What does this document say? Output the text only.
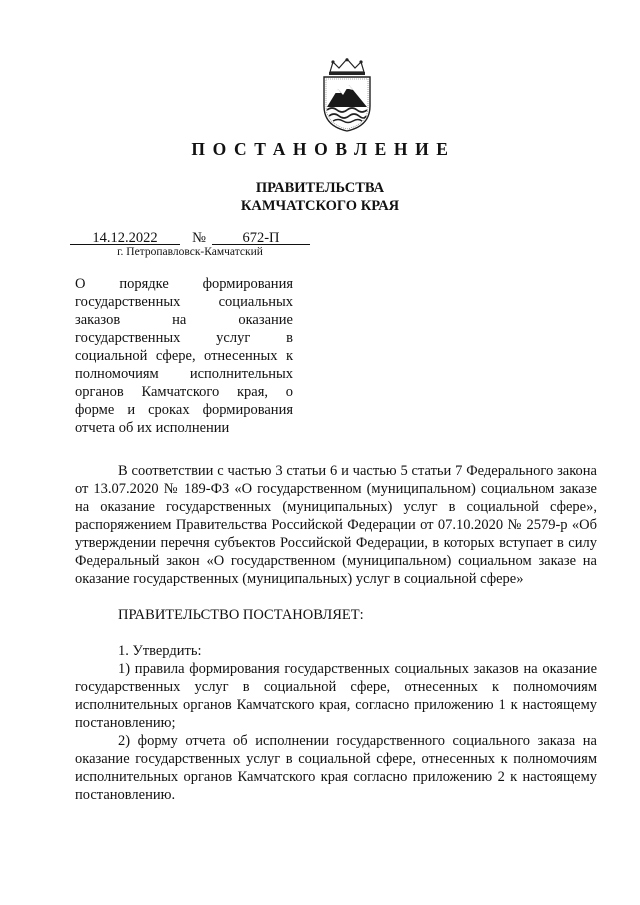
ПОСТАНОВЛЕНИЕ
ПРАВИТЕЛЬСТВА
КАМЧАТСКОГО КРАЯ
14.12.2022	№	672-П
г. Петропавловск-Камчатский
О порядке формирования государственных социальных заказов на оказание государственных услуг в социальной сфере, отнесенных к полномочиям исполнительных органов Камчатского края, о форме и сроках формирования отчета об их исполнении

В соответствии с частью 3 статьи 6 и частью 5 статьи 7 Федерального закона от 13.07.2020 № 189-ФЗ «О государственном (муниципальном) социальном заказе на оказание государственных (муниципальных) услуг в социальной сфере», распоряжением Правительства Российской Федерации от 07.10.2020 № 2579-р «Об утверждении перечня субъектов Российской Федерации, в которых вступает в силу Федеральный закон «О государственном (муниципальном) социальном заказе на оказание государственных (муниципальных) услуг в социальной сфере»

ПРАВИТЕЛЬСТВО ПОСТАНОВЛЯЕТ:

1. Утвердить:

1) правила формирования государственных социальных заказов на оказание государственных услуг в социальной сфере, отнесенных к полномочиям исполнительных органов Камчатского края, согласно приложению 1 к настоящему постановлению;

2) форму отчета об исполнении государственного социального заказа на оказание государственных услуг в социальной сфере, отнесенных к полномочиям исполнительных органов Камчатского края согласно приложению 2 к настоящему постановлению.
